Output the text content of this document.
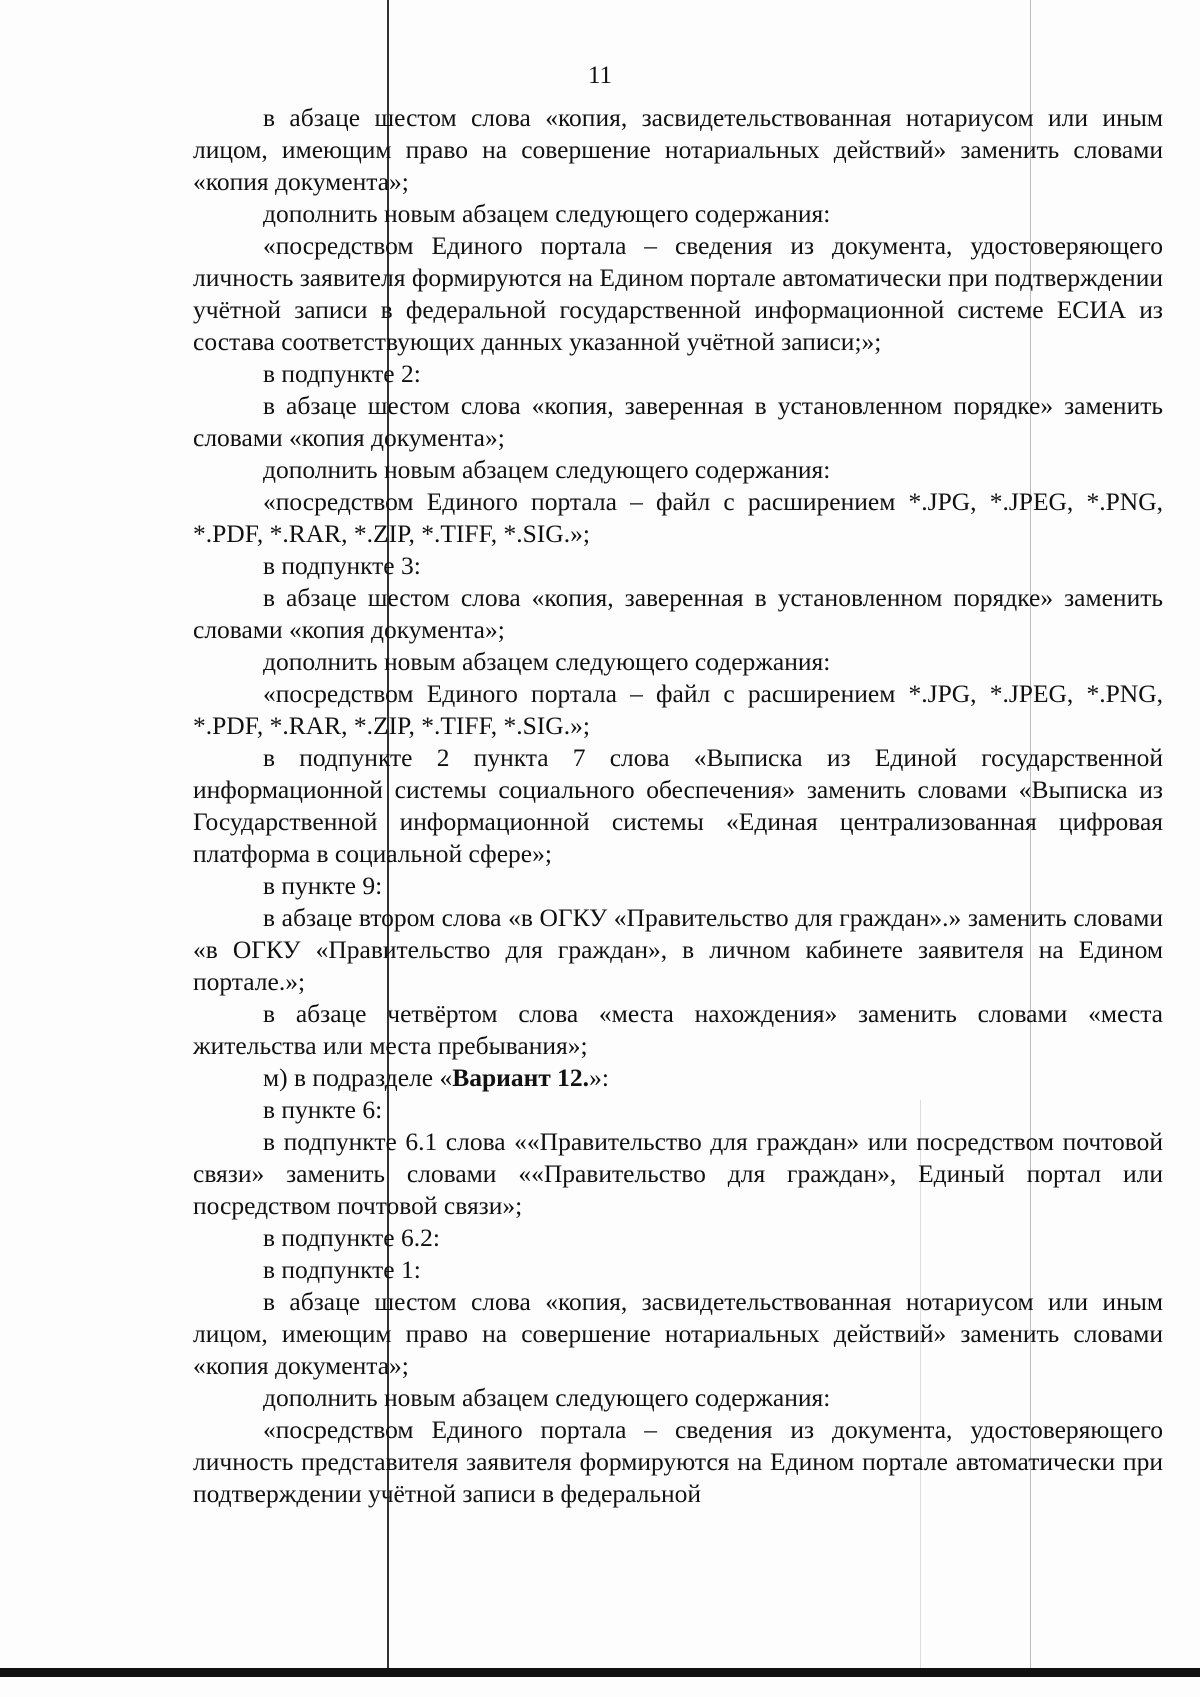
11

в абзаце шестом слова «копия, засвидетельствованная нотариусом или иным лицом, имеющим право на совершение нотариальных действий» заменить словами «копия документа»;

дополнить новым абзацем следующего содержания:

«посредством Единого портала – сведения из документа, удостоверяющего личность заявителя формируются на Едином портале автоматически при подтверждении учётной записи в федеральной государственной информационной системе ЕСИА из состава соответствующих данных указанной учётной записи;»;

в подпункте 2:

в абзаце шестом слова «копия, заверенная в установленном порядке» заменить словами «копия документа»;

дополнить новым абзацем следующего содержания:

«посредством Единого портала – файл с расширением *.JPG, *.JPEG, *.PNG, *.PDF, *.RAR, *.ZIP, *.TIFF, *.SIG.»;

в подпункте 3:

в абзаце шестом слова «копия, заверенная в установленном порядке» заменить словами «копия документа»;

дополнить новым абзацем следующего содержания:

«посредством Единого портала – файл с расширением *.JPG, *.JPEG, *.PNG, *.PDF, *.RAR, *.ZIP, *.TIFF, *.SIG.»;

в подпункте 2 пункта 7 слова «Выписка из Единой государственной информационной системы социального обеспечения» заменить словами «Выписка из Государственной информационной системы «Единая централизованная цифровая платформа в социальной сфере»;

в пункте 9:

в абзаце втором слова «в ОГКУ «Правительство для граждан».» заменить словами «в ОГКУ «Правительство для граждан», в личном кабинете заявителя на Едином портале.»;

в абзаце четвёртом слова «места нахождения» заменить словами «места жительства или места пребывания»;

м) в подразделе «Вариант 12.»:

в пункте 6:

в подпункте 6.1 слова ««Правительство для граждан» или посредством почтовой связи» заменить словами ««Правительство для граждан», Единый портал или посредством почтовой связи»;

в подпункте 6.2:

в подпункте 1:

в абзаце шестом слова «копия, засвидетельствованная нотариусом или иным лицом, имеющим право на совершение нотариальных действий» заменить словами «копия документа»;

дополнить новым абзацем следующего содержания:

«посредством Единого портала – сведения из документа, удостоверяющего личность представителя заявителя формируются на Едином портале автоматически при подтверждении учётной записи в федеральной
